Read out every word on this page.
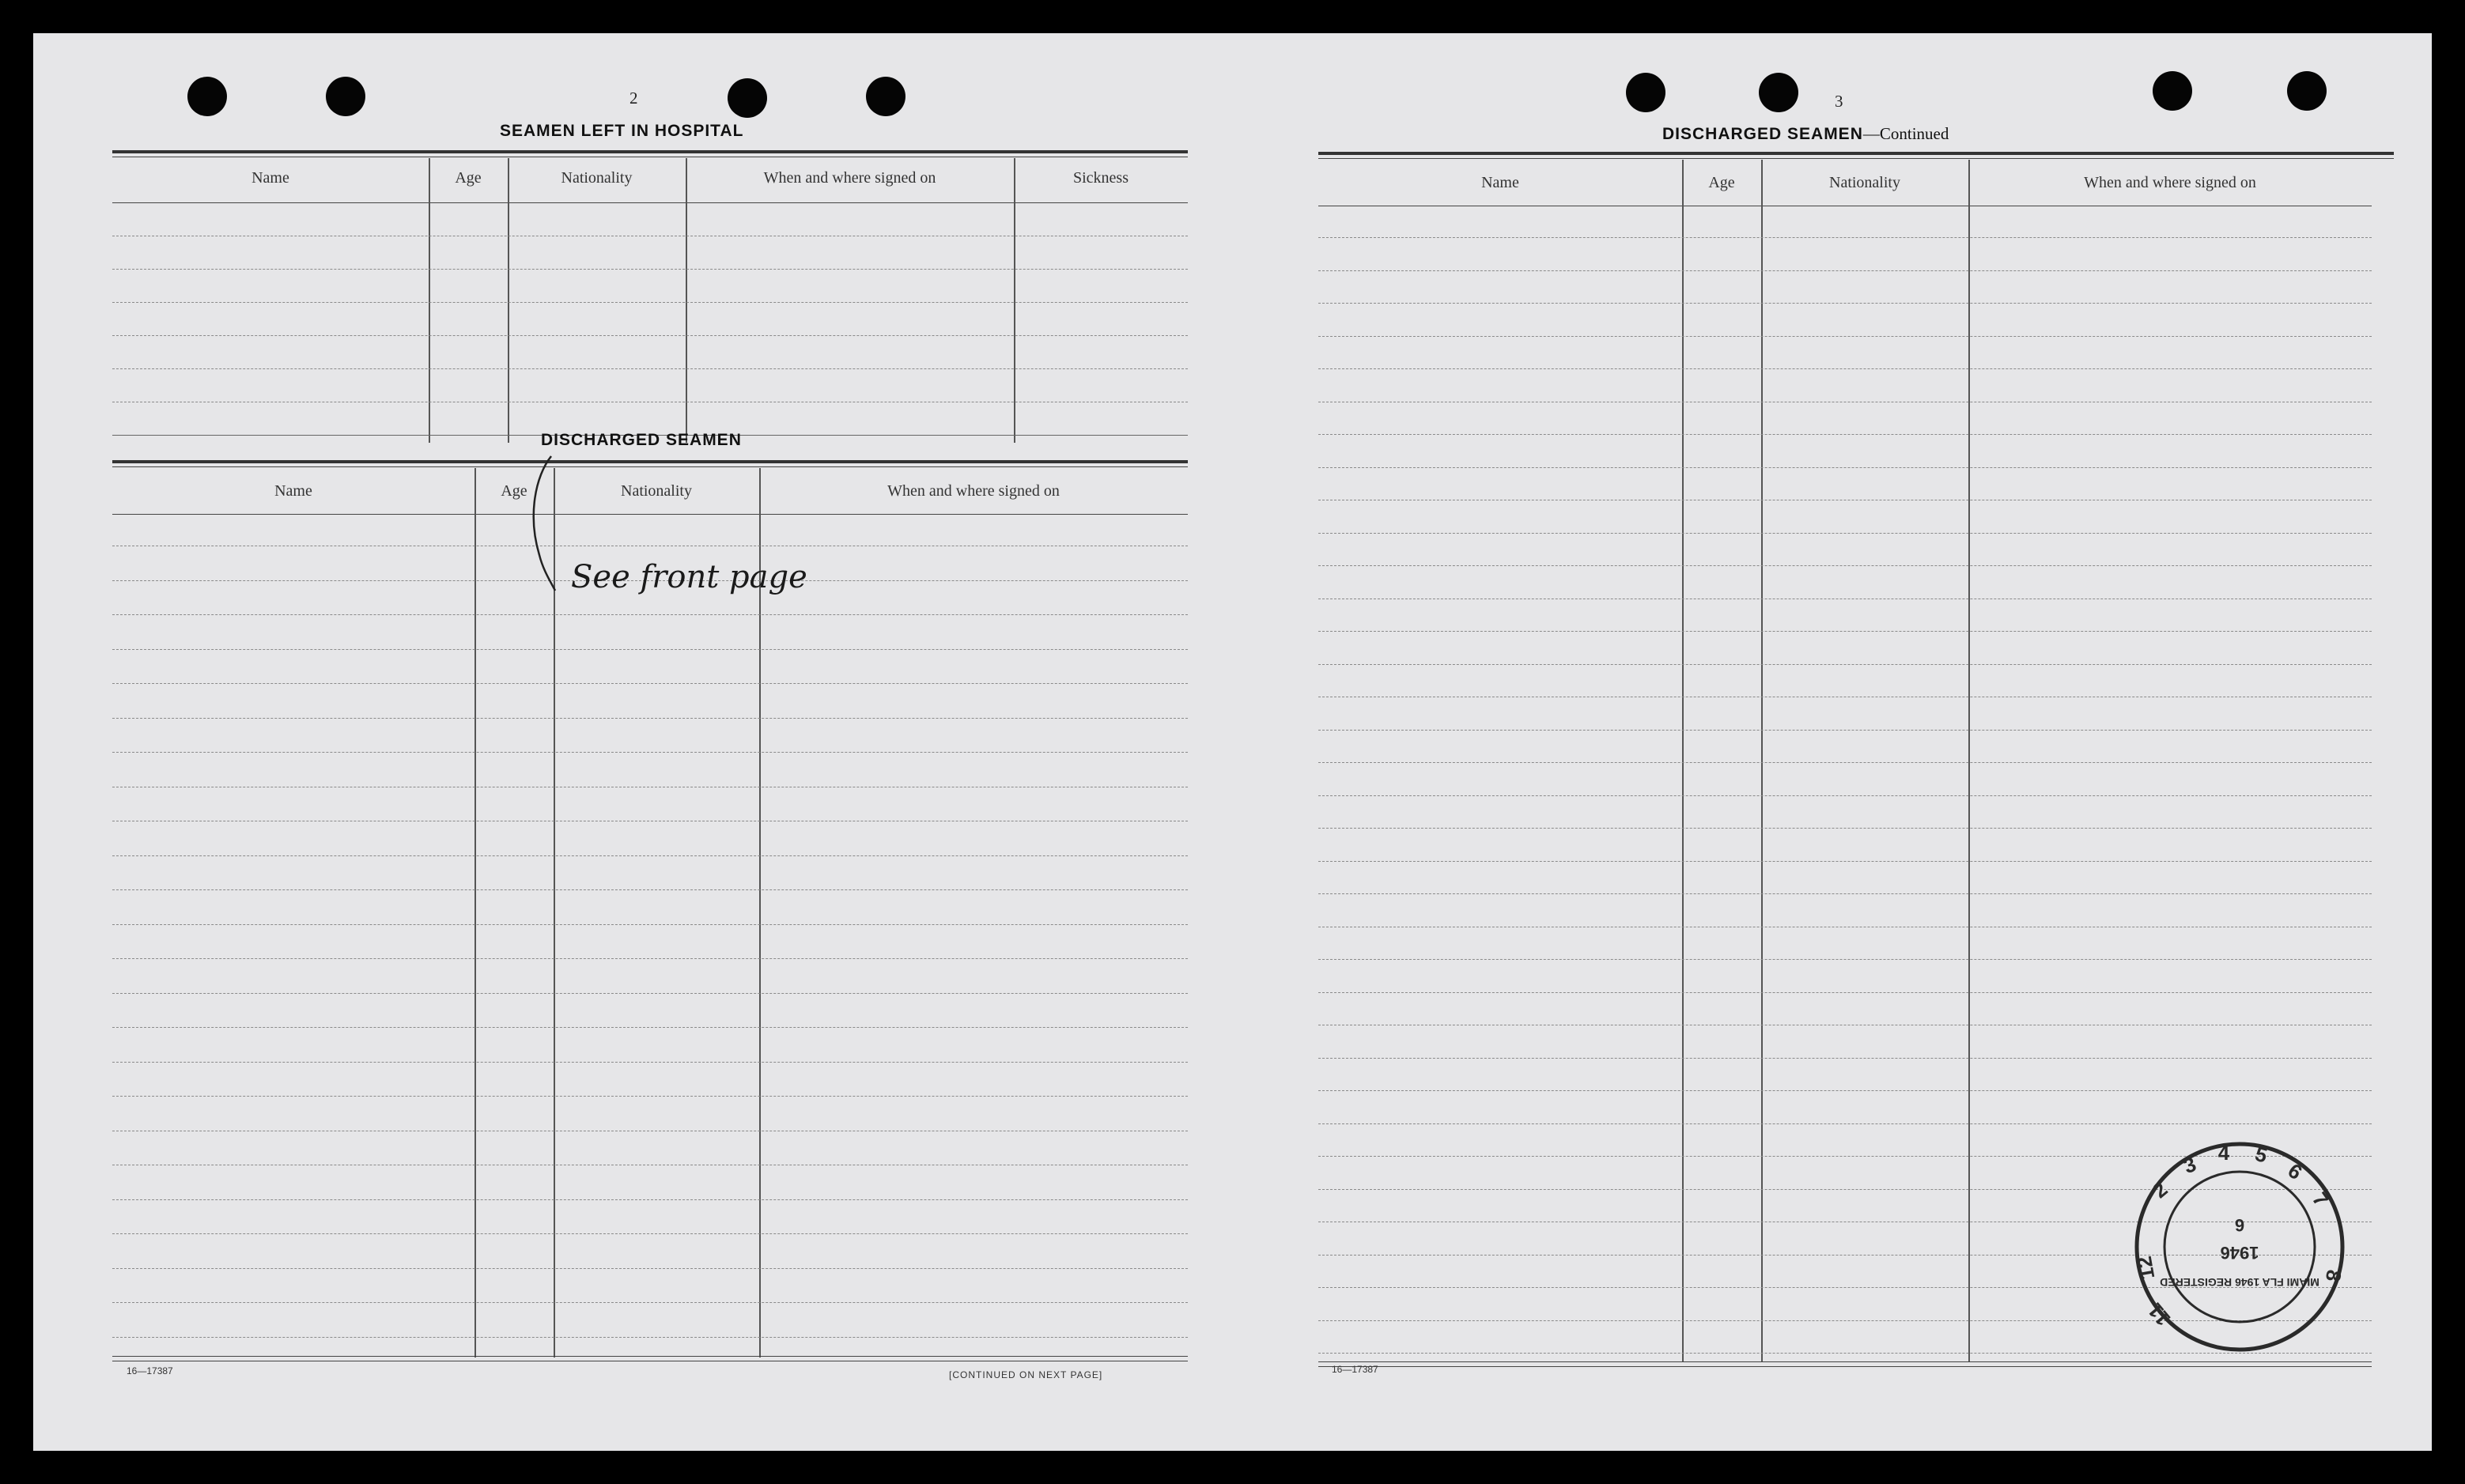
2
SEAMEN LEFT IN HOSPITAL
Name	Age	Nationality	When and where signed on	Sickness
DISCHARGED SEAMEN
Name	Age	Nationality	When and where signed on
See front page
16—17387	[CONTINUED ON NEXT PAGE]
3
DISCHARGED SEAMEN—Continued
Name	Age	Nationality	When and where signed on
16—17387
2
3 4 5
6
7
8
12
11
MIAMI FLA 1946 REGISTERED
1946
6
